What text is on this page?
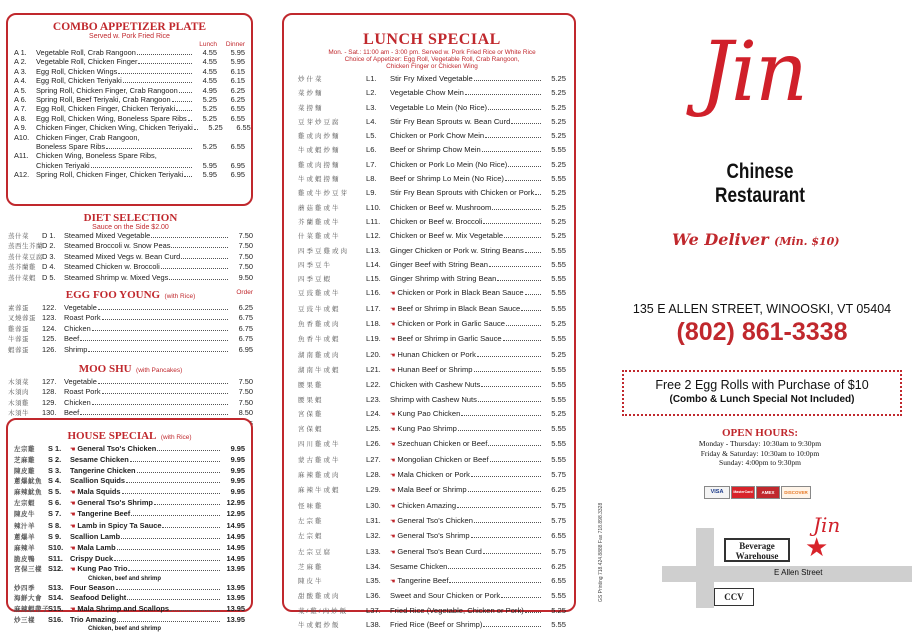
COMBO APPETIZER PLATE
Served w. Pork Fried Rice
Lunch	Dinner
A 1.	Vegetable Roll, Crab Rangoon	4.55	5.95
A 2.	Vegetable Roll, Chicken Finger	4.55	5.95
A 3.	Egg Roll, Chicken Wings	4.55	6.15
A 4.	Egg Roll, Chicken Teriyaki	4.55	6.15
A 5.	Spring Roll, Chicken Finger, Crab Rangoon	4.95	6.25
A 6.	Spring Roll, Beef Teriyaki, Crab Rangoon	5.25	6.25
A 7.	Egg Roll, Chicken Finger, Chicken Teriyaki	5.25	6.55
A 8.	Egg Roll, Chicken Wing, Boneless Spare Ribs	5.25	6.55
A 9.	Chicken Finger, Chicken Wing, Chicken Teriyaki	5.25	6.55
A10. Chicken Finger, Crab Rangoon,
Boneless Spare Ribs	5.25	6.55
A11. Chicken Wing, Boneless Spare Ribs,
Chicken Teriyaki	5.95	6.95
A12. Spring Roll, Chicken Finger, Chicken Teriyaki	5.95	6.95
DIET SELECTION
Sauce on the Side $2.00
蒸什菜	D 1.	Steamed Mixed Vegetable	7.50
蒸西生芥蘭 D 2.	Steamed Broccoli w. Snow Peas	7.50
蒸什菜豆腐 D 3.	Steamed Mixed Vegs w. Bean Curd	7.50
蒸芥蘭雞 D 4.	Steamed Chicken w. Broccoli	7.50
蒸什菜蝦 D 5.	Steamed Shrimp w. Mixed Vegs	9.50
EGG FOO YOUNG (with Rice)
Order
素蓉蛋	122.	Vegetable	6.25
叉燒蓉蛋 123.	Roast Pork	6.75
雞蓉蛋	124.	Chicken	6.75
牛蓉蛋	125.	Beef	6.75
蝦蓉蛋	126.	Shrimp	6.95
MOO SHU (with Pancakes)
木須菜	127.	Vegetable	7.50
木須肉	128.	Roast Pork	7.50
木須雞	129.	Chicken	7.50
木須牛	130.	Beef	8.50
HOUSE SPECIAL (with Rice)
左宗雞	S 1.	☚ General Tso's Chicken	9.95
芝麻雞	S 2.	Sesame Chicken	9.95
陳皮雞	S 3.	Tangerine Chicken	9.95
蔥爆魷魚 S 4.	Scallion Squids	9.95
麻辣魷魚 S 5.	☚ Mala Squids	9.95
左宗蝦	S 6.	☚ General Tso's Shrimp	12.95
陳皮牛	S 7.	☚ Tangerine Beef	12.95
辣汁羊	S 8.	☚ Lamb in Spicy Ta Sauce	14.95
蔥爆羊	S 9.	Scallion Lamb	14.95
麻辣羊	S10.	☚ Mala Lamb	14.95
脆皮鴨	S11. Crispy Duck	14.95
宮保三樣 S12.	☚ Kung Pao Trio	13.95
Chicken, beef and shrimp
炒四季	S13. Four Season	13.95
海鮮大會 S14. Seafood Delight	13.95
麻辣蝦帶子 S15.	☚ Mala Shrimp and Scallops	13.95
炒三樣	S16. Trio Amazing	13.95
Chicken, beef and shrimp
LUNCH SPECIAL
Mon. - Sat.: 11:00 am - 3:00 pm. Served w. Pork Fried Rice or White Rice
Choice of Appetizer: Egg Roll, Vegetable Roll, Crab Rangoon,
Chicken Finger or Chicken Wing
炒什菜	L1.	Stir Fry Mixed Vegetable	5.25
菜炒麵	L2.	Vegetable Chow Mein	5.25
菜撈麵	L3.	Vegetable Lo Mein (No Rice)	5.25
豆芽炒豆腐	L4.	Stir Fry Bean Sprouts w. Bean Curd	5.25
雞或肉炒麵	L5.	Chicken or Pork Chow Mein	5.25
牛或蝦炒麵	L6.	Beef or Shrimp Chow Mein	5.55
雞或肉撈麵	L7.	Chicken or Pork Lo Mein (No Rice)	5.25
牛或蝦撈麵	L8.	Beef or Shrimp Lo Mein (No Rice)	5.55
雞或牛炒豆芽	L9.	Stir Fry Bean Sprouts with Chicken or Pork	5.25
蘑菇雞或牛	L10.	Chicken or Beef w. Mushroom	5.25
芥蘭雞或牛	L11.	Chicken or Beef w. Broccoli	5.25
什菜雞或牛	L12.	Chicken or Beef w. Mix Vegetable	5.25
四季豆雞或肉	L13.	Ginger Chicken or Pork w. String Beans	5.55
四季豆牛	L14.	Ginger Beef with String Bean	5.55
四季豆蝦	L15.	Ginger Shrimp with String Bean	5.55
豆豉雞或牛	L16.	☚ Chicken or Pork in Black Bean Sauce	5.55
豆豉牛或蝦	L17.	☚ Beef or Shrimp in Black Bean Sauce	5.55
魚香雞或肉	L18.	☚ Chicken or Pork in Garlic Sauce	5.25
魚香牛或蝦	L19.	☚ Beef or Shrimp in Garlic Sauce	5.55
湖南雞或肉	L20.	☚ Hunan Chicken or Pork	5.25
湖南牛或蝦	L21.	☚ Hunan Beef or Shrimp	5.55
腰果雞	L22.	Chicken with Cashew Nuts	5.55
腰果蝦	L23.	Shrimp with Cashew Nuts	5.55
宮保雞	L24.	☚ Kung Pao Chicken	5.25
宮保蝦	L25.	☚ Kung Pao Shrimp	5.55
四川雞或牛	L26.	☚ Szechuan Chicken or Beef	5.55
蒙古雞或牛	L27.	☚ Mongolian Chicken or Beef	5.55
麻辣雞或肉	L28.	☚ Mala Chicken or Pork	5.75
麻辣牛或蝦	L29.	☚ Mala Beef or Shrimp	6.25
怪味雞	L30.	☚ Chicken Amazing	5.75
左宗雞	L31.	☚ General Tso's Chicken	5.75
左宗蝦	L32.	☚ General Tso's Shrimp	6.55
左宗豆腐	L33.	☚ General Tso's Bean Curd	5.75
芝麻雞	L34.	Sesame Chicken	6.25
陳皮牛	L35.	☚ Tangerine Beef	6.55
甜酸雞或肉	L36.	Sweet and Sour Chicken or Pork	5.55
菜/雞/肉炒飯	L37.	Fried Rice (Vegetable, Chicken or Pork)	5.25
牛或蝦炒飯	L38.	Fried Rice (Beef or Shrimp)	5.55
GS Printing 718.424.8888 Fax 718.898.3328
Jin
Chinese Restaurant
We Deliver (Min. $10)
135 E ALLEN STREET, WINOOSKI, VT 05404
(802) 861-3338
Free 2 Egg Rolls with Purchase of $10
(Combo & Lunch Special Not Included)
OPEN HOURS:
Monday - Thursday: 10:30am to 9:30pm
Friday & Saturday: 10:30am to 10:0pm
Sunday: 4:00pm to 9:30pm
VISA	MasterCard	AMEX	DISCOVER
E Allen Street
Jin
Beverage
Warehouse	★
CCV
